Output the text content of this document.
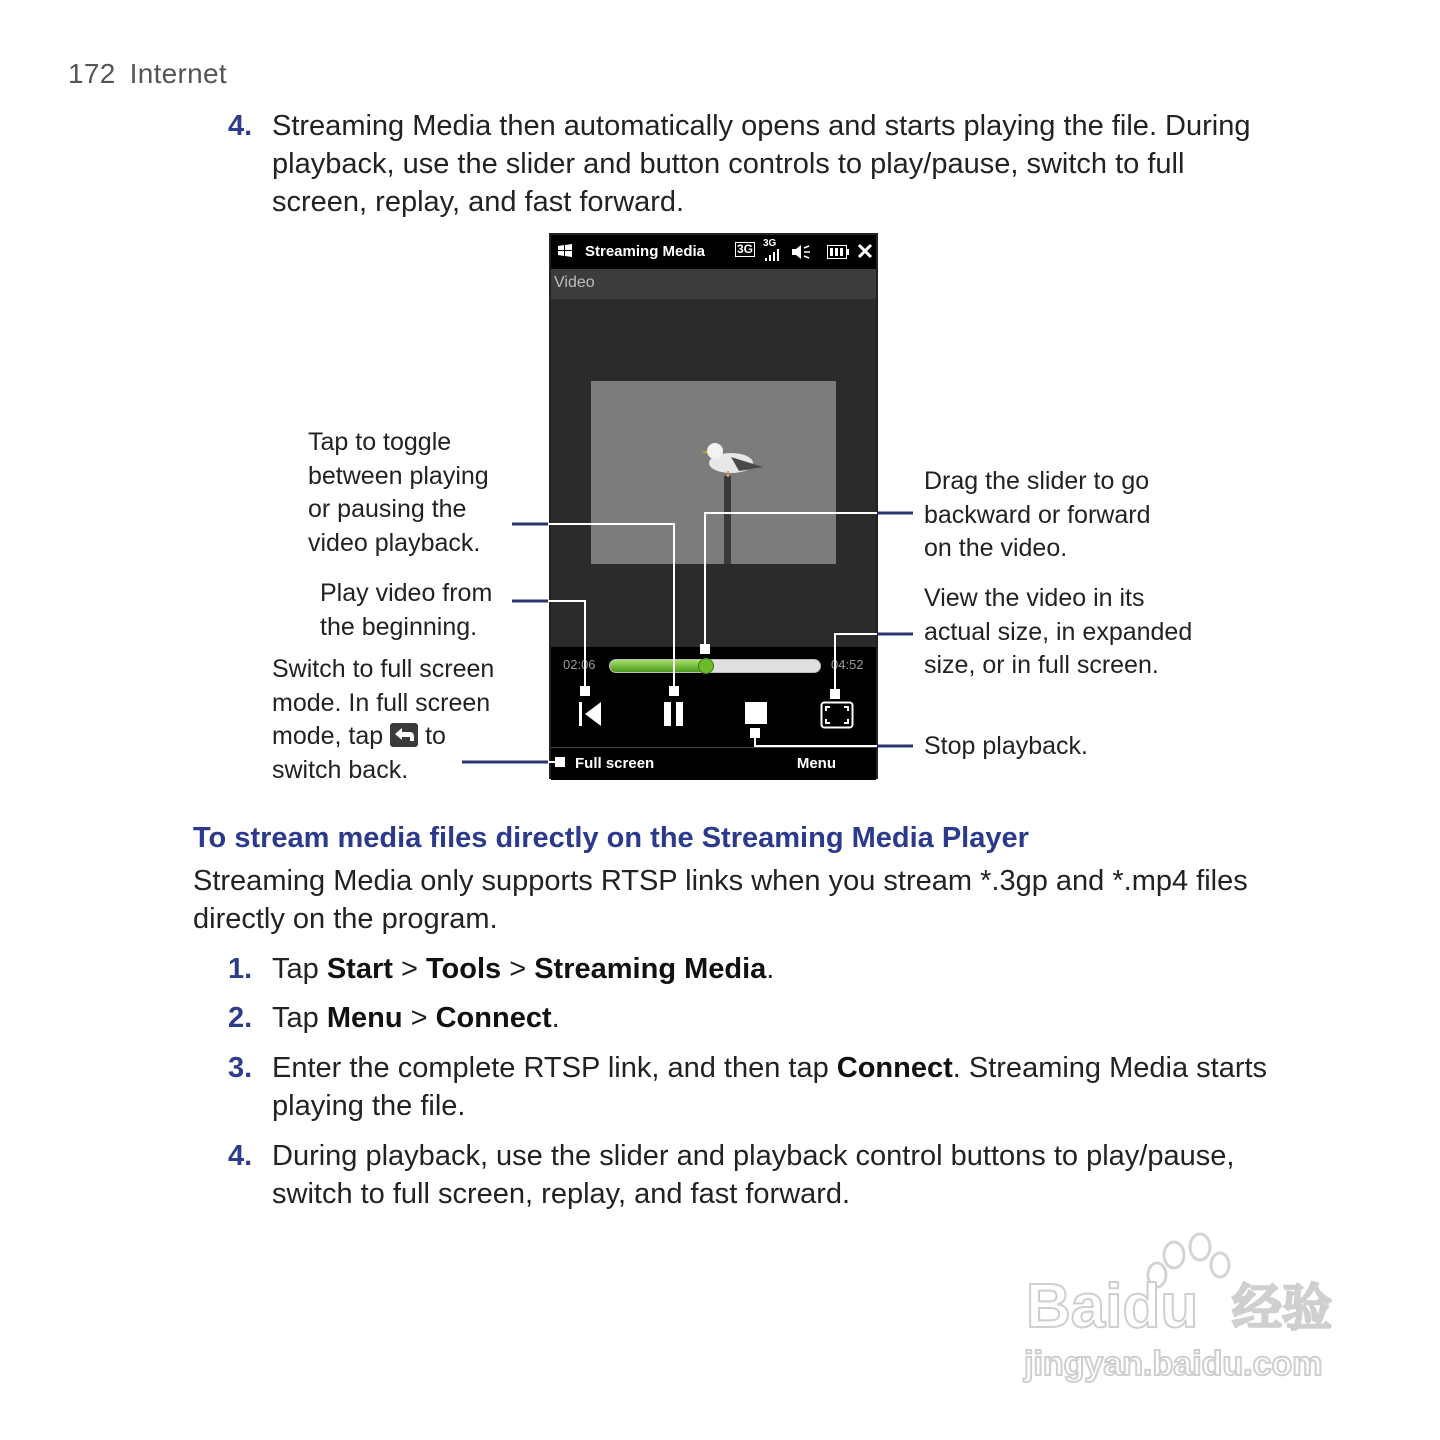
172 Internet
4. Streaming Media then automatically opens and starts playing the file. During
playback, use the slider and button controls to play/pause, switch to full
screen, replay, and fast forward.
Streaming Media	3G 3G
Video
02:06	04:52
Full screen	Menu
Tap to toggle
between playing
or pausing the
video playback.
Play video from
the beginning.
Switch to full screen
mode. In full screen
mode, tap to
switch back.
Drag the slider to go
backward or forward
on the video.
View the video in its
actual size, in expanded
size, or in full screen.
Stop playback.
To stream media files directly on the Streaming Media Player
Streaming Media only supports RTSP links when you stream *.3gp and *.mp4 files
directly on the program.
1. Tap Start > Tools > Streaming Media.
2. Tap Menu > Connect.
3. Enter the complete RTSP link, and then tap Connect. Streaming Media starts
playing the file.
4. During playback, use the slider and playback control buttons to play/pause,
switch to full screen, replay, and fast forward.
Baidu 经验
jingyan.baidu.com
